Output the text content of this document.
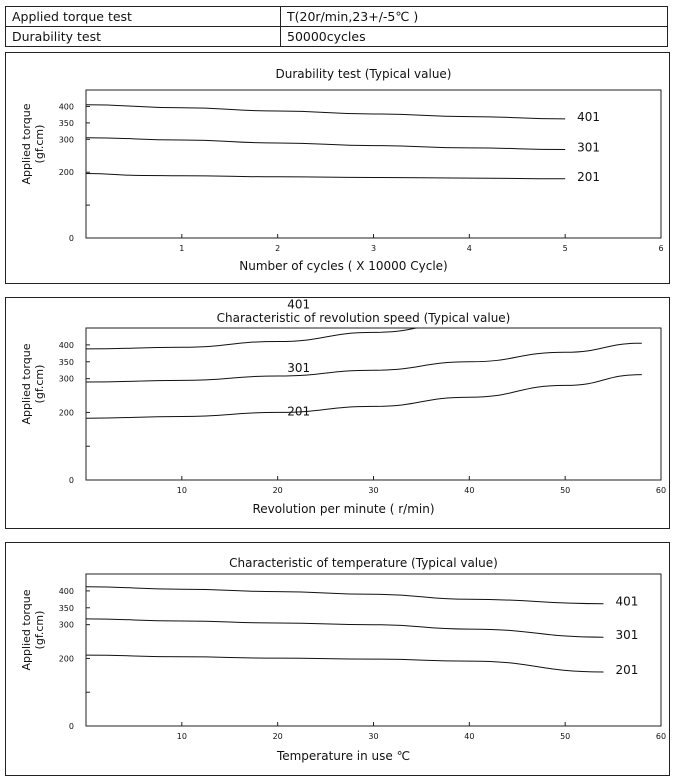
Applied torque test	T(20r/min,23+/-5℃ )
Durability test	50000cycles
Durability test (Typical value)
400
350
300
200
0
1	2	3	4	5	6
Applied torque (gf.cm)
Number of cycles ( X 10000 Cycle)
401
301
201
Characteristic of revolution speed (Typical value)
400
350
300
200
0
10	20	30	40	50	60
Applied torque (gf.cm)
Revolution per minute ( r/min)
401
301
201
Characteristic of temperature (Typical value)
400
350
300
200
0
10	20	30	40	50	60
Applied torque (gf.cm)
Temperature in use ℃
401
301
201
